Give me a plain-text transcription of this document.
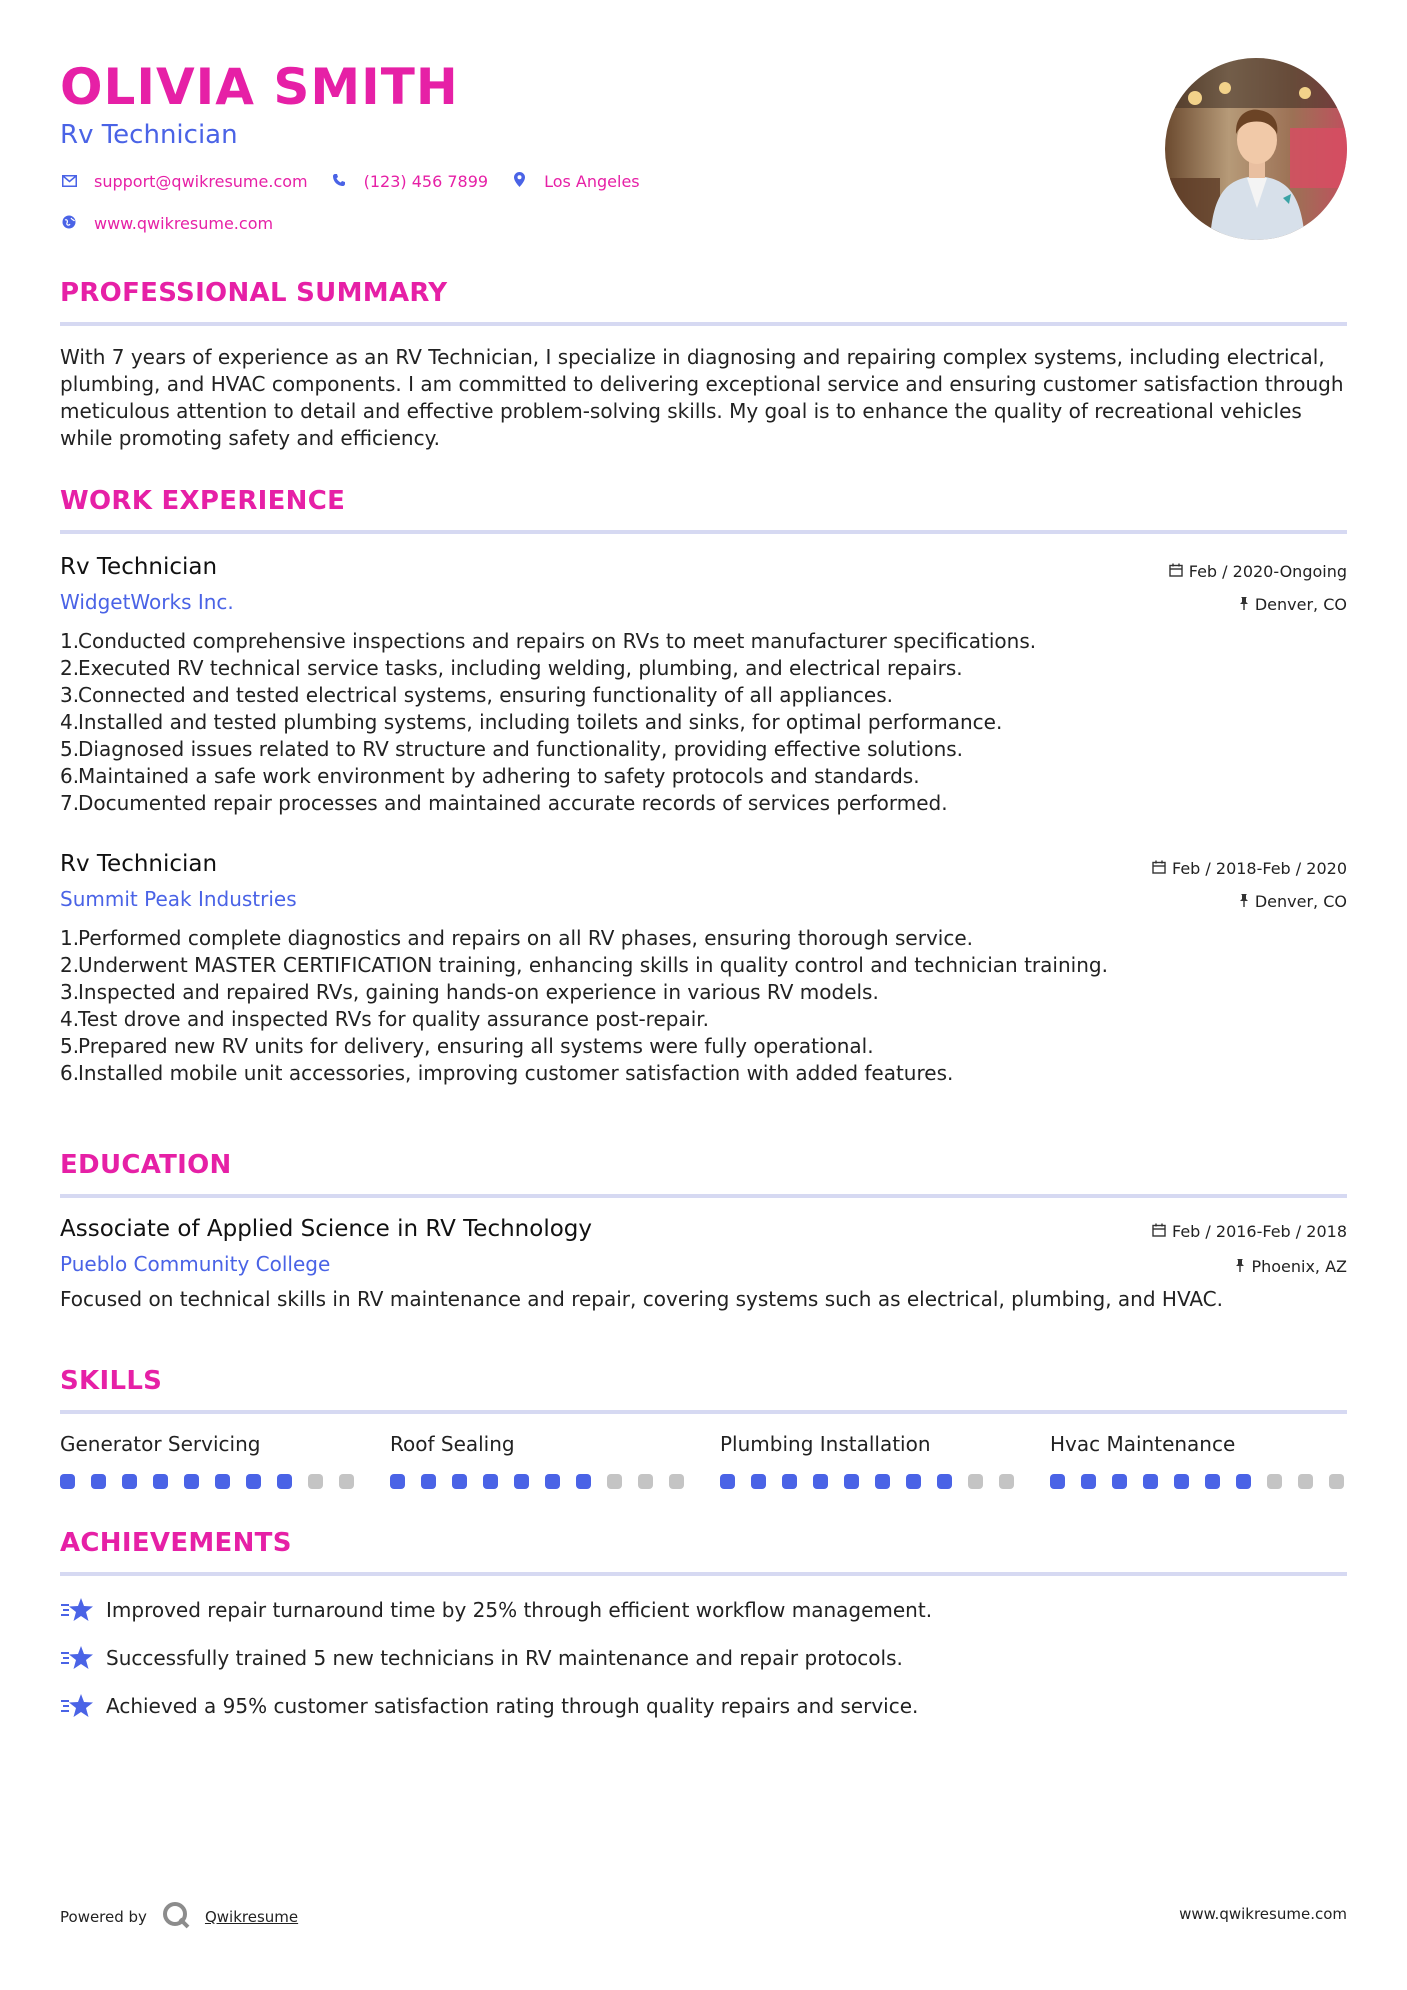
OLIVIA SMITH
Rv Technician
support@qwikresume.com	(123) 456 7899	Los Angeles
www.qwikresume.com
PROFESSIONAL SUMMARY
With 7 years of experience as an RV Technician, I specialize in diagnosing and repairing complex systems, including electrical, plumbing, and HVAC components. I am committed to delivering exceptional service and ensuring customer satisfaction through meticulous attention to detail and effective problem-solving skills. My goal is to enhance the quality of recreational vehicles while promoting safety and efficiency.
WORK EXPERIENCE
Rv Technician
WidgetWorks Inc.
Feb / 2020-Ongoing
Denver, CO
1.
Conducted comprehensive inspections and repairs on RVs to meet manufacturer specifications.
2.
Executed RV technical service tasks, including welding, plumbing, and electrical repairs.
3.
Connected and tested electrical systems, ensuring functionality of all appliances.
4.
Installed and tested plumbing systems, including toilets and sinks, for optimal performance.
5.
Diagnosed issues related to RV structure and functionality, providing effective solutions.
6.
Maintained a safe work environment by adhering to safety protocols and standards.
7.
Documented repair processes and maintained accurate records of services performed.
Rv Technician
Summit Peak Industries
Feb / 2018-Feb / 2020
Denver, CO
1.
Performed complete diagnostics and repairs on all RV phases, ensuring thorough service.
2.
Underwent MASTER CERTIFICATION training, enhancing skills in quality control and technician training.
3.
Inspected and repaired RVs, gaining hands-on experience in various RV models.
4.
Test drove and inspected RVs for quality assurance post-repair.
5.
Prepared new RV units for delivery, ensuring all systems were fully operational.
6.
Installed mobile unit accessories, improving customer satisfaction with added features.
EDUCATION
Associate of Applied Science in RV Technology
Pueblo Community College
Feb / 2016-Feb / 2018
Phoenix, AZ
Focused on technical skills in RV maintenance and repair, covering systems such as electrical, plumbing, and HVAC.
SKILLS
Generator Servicing	Roof Sealing	Plumbing Installation	Hvac Maintenance
ACHIEVEMENTS
Improved repair turnaround time by 25% through efficient workflow management.
Successfully trained 5 new technicians in RV maintenance and repair protocols.
Achieved a 95% customer satisfaction rating through quality repairs and service.
Powered by	Qwikresume	www.qwikresume.com
